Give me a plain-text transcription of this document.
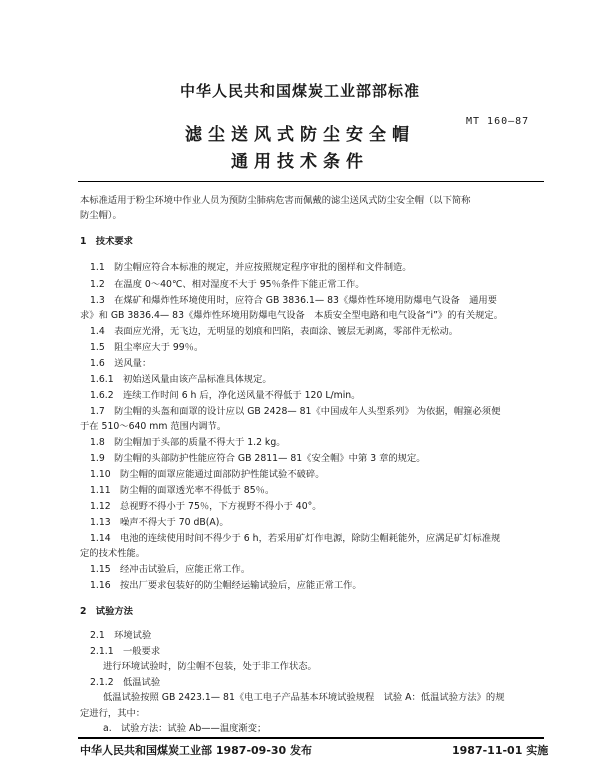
中华人民共和国煤炭工业部部标准
MT 160—87
滤尘送风式防尘安全帽
通用技术条件
本标准适用于粉尘环境中作业人员为预防尘肺病危害而佩戴的滤尘送风式防尘安全帽（以下简称
防尘帽）。
1　技术要求
1.1　防尘帽应符合本标准的规定，并应按照规定程序审批的图样和文件制造。
1.2　在温度 0～40℃、相对湿度不大于 95％条件下能正常工作。
1.3　在煤矿和爆炸性环境使用时，应符合 GB 3836.1— 83《爆炸性环境用防爆电气设备　通用要
求》和 GB 3836.4— 83《爆炸性环境用防爆电气设备　本质安全型电路和电气设备“i”》的有关规定。
1.4　表面应光滑，无飞边，无明显的划痕和凹陷，表面涂、镀层无剥离，零部件无松动。
1.5　阻尘率应大于 99％。
1.6　送风量：
1.6.1　初始送风量由该产品标准具体规定。
1.6.2　连续工作时间 6 h 后，净化送风量不得低于 120 L/min。
1.7　防尘帽的头盔和面罩的设计应以 GB 2428— 81《中国成年人头型系列》 为依据，帽箍必须便
于在 510～640 mm 范围内调节。
1.8　防尘帽加于头部的质量不得大于 1.2 kg。
1.9　防尘帽的头部防护性能应符合 GB 2811— 81《安全帽》中第 3 章的规定。
1.10　防尘帽的面罩应能通过面部防护性能试验不破碎。
1.11　防尘帽的面罩透光率不得低于 85％。
1.12　总视野不得小于 75％，下方视野不得小于 40°。
1.13　噪声不得大于 70 dB(A)。
1.14　电池的连续使用时间不得少于 6 h，若采用矿灯作电源，除防尘帽耗能外，应满足矿灯标准规
定的技术性能。
1.15　经冲击试验后，应能正常工作。
1.16　按出厂要求包装好的防尘帽经运输试验后，应能正常工作。
2　试验方法
2.1　环境试验
2.1.1　一般要求
进行环境试验时，防尘帽不包装，处于非工作状态。
2.1.2　低温试验
低温试验按照 GB 2423.1— 81《电工电子产品基本环境试验规程　试验 A：低温试验方法》的规
定进行，其中：
a.　试验方法：试验 Ab——温度渐变；
中华人民共和国煤炭工业部 1987-09-30 发布	1987-11-01 实施
